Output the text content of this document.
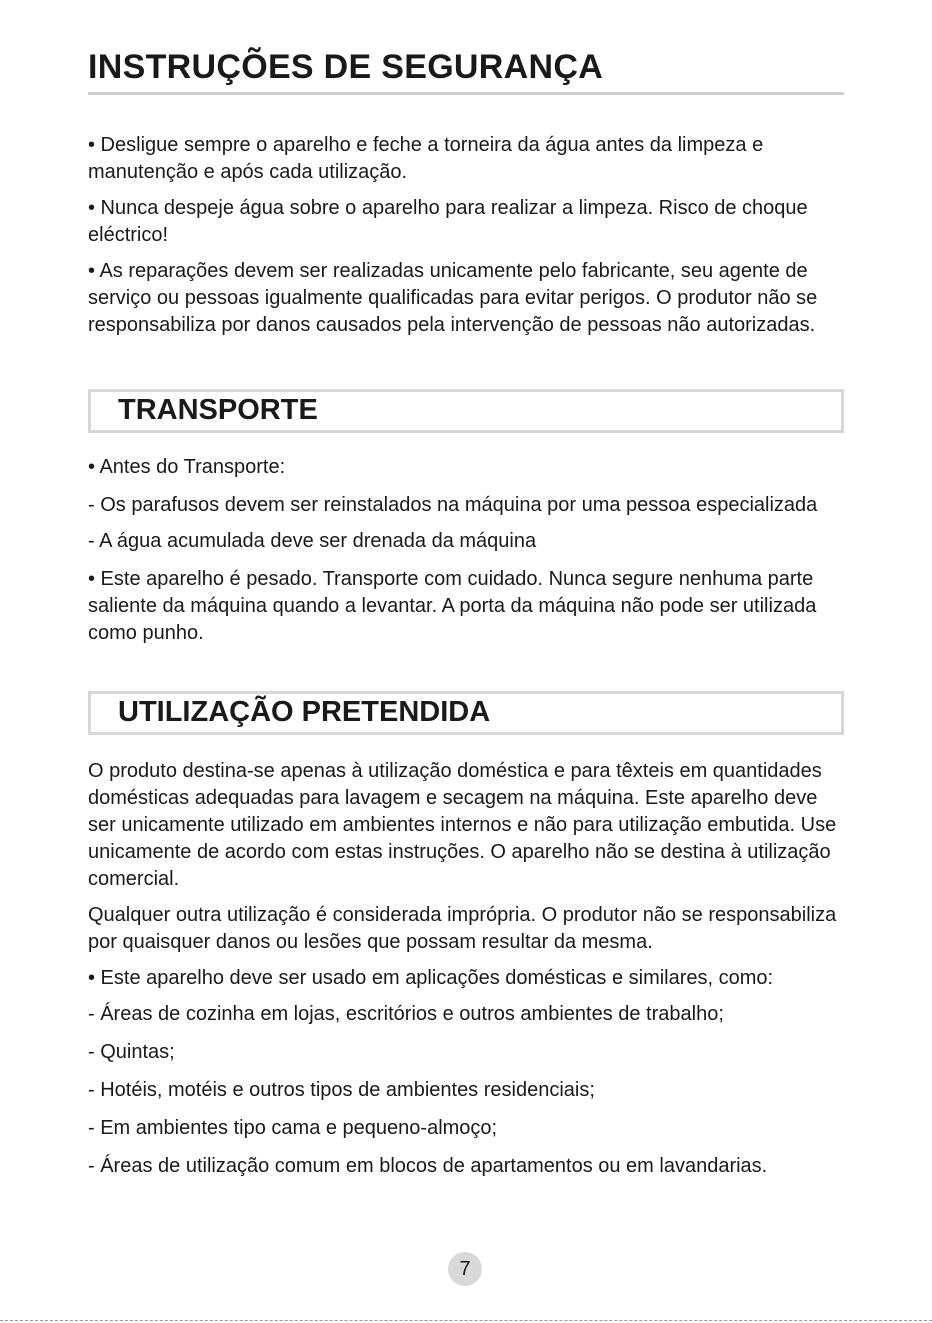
INSTRUÇÕES DE SEGURANÇA

• Desligue sempre o aparelho e feche a torneira da água antes da limpeza e manutenção e após cada utilização.

• Nunca despeje água sobre o aparelho para realizar a limpeza. Risco de choque eléctrico!

• As reparações devem ser realizadas unicamente pelo fabricante, seu agente de serviço ou pessoas igualmente qualificadas para evitar perigos. O produtor não se responsabiliza por danos causados pela intervenção de pessoas não autorizadas.

TRANSPORTE

• Antes do Transporte:

- Os parafusos devem ser reinstalados na máquina por uma pessoa especializada

- A água acumulada deve ser drenada da máquina

• Este aparelho é pesado. Transporte com cuidado. Nunca segure nenhuma parte saliente da máquina quando a levantar. A porta da máquina não pode ser utilizada como punho.

UTILIZAÇÃO PRETENDIDA

O produto destina-se apenas à utilização doméstica e para têxteis em quantidades domésticas adequadas para lavagem e secagem na máquina. Este aparelho deve ser unicamente utilizado em ambientes internos e não para utilização embutida. Use unicamente de acordo com estas instruções. O aparelho não se destina à utilização comercial.

Qualquer outra utilização é considerada imprópria. O produtor não se responsabiliza por quaisquer danos ou lesões que possam resultar da mesma.

• Este aparelho deve ser usado em aplicações domésticas e similares, como:

- Áreas de cozinha em lojas, escritórios e outros ambientes de trabalho;

- Quintas;

- Hotéis, motéis e outros tipos de ambientes residenciais;

- Em ambientes tipo cama e pequeno-almoço;

- Áreas de utilização comum em blocos de apartamentos ou em lavandarias.

7
